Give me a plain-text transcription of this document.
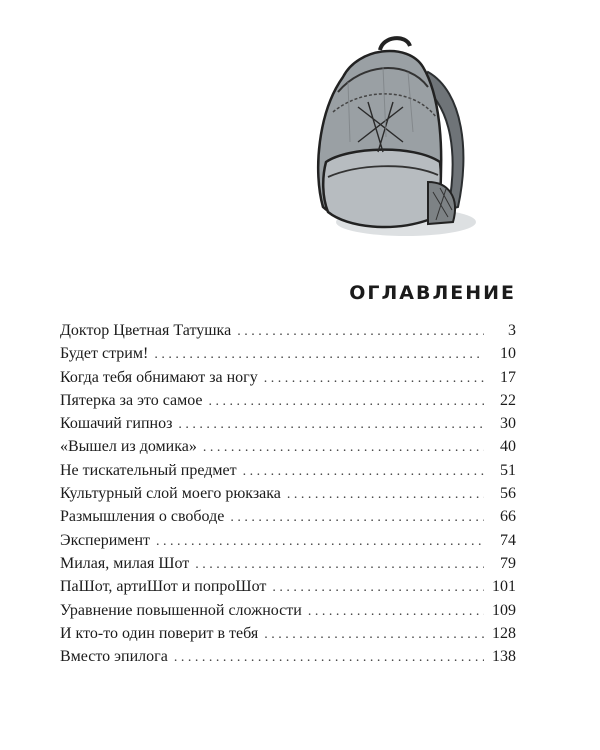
ОГЛАВЛЕНИЕ
Доктор Цветная Татушка . . .	3
Будет стрим! . . .	10
Когда тебя обнимают за ногу . . .	17
Пятерка за это самое . . .	22
Кошачий гипноз . . .	30
«Вышел из домика» . . .	40
Не тискательный предмет . . .	51
Культурный слой моего рюкзака . . .	56
Размышления о свободе . . .	66
Эксперимент . . .	74
Милая, милая Шот . . .	79
ПаШот, артиШот и попроШот . . .	101
Уравнение повышенной сложности . . .	109
И кто-то один поверит в тебя . . .	128
Вместо эпилога . . .	138
